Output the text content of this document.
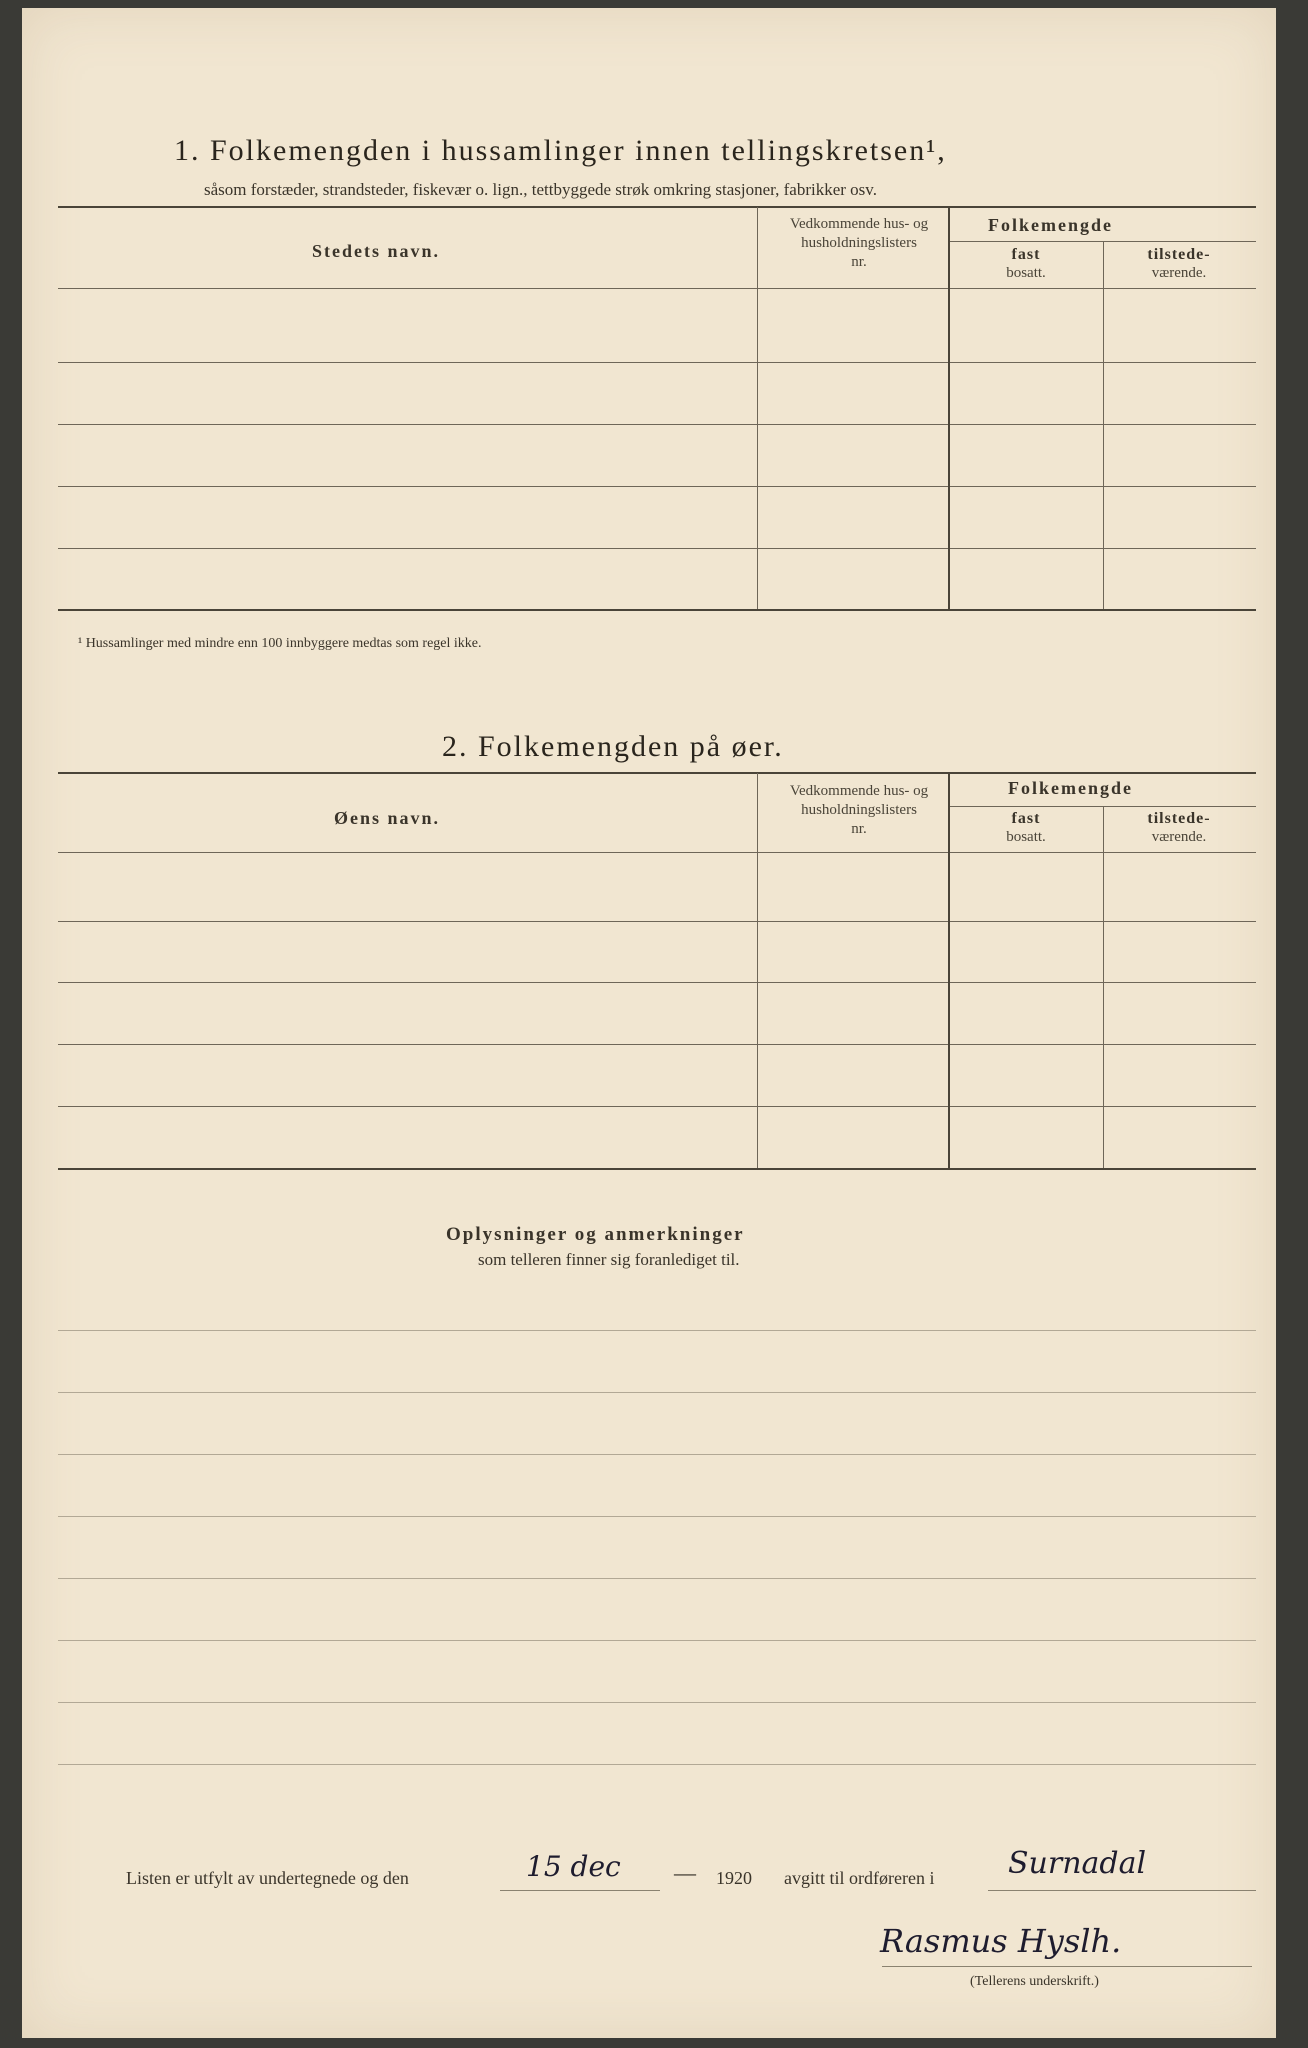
1. Folkemengden i hussamlinger innen tellingskretsen¹,
såsom forstæder, strandsteder, fiskevær o. lign., tettbyggede strøk omkring stasjoner, fabrikker osv.
Stedets navn.
Vedkommende hus- og
husholdningslisters
nr.
Folkemengde
fast
bosatt.
tilstede-
værende.
¹ Hussamlinger med mindre enn 100 innbyggere medtas som regel ikke.
2. Folkemengden på øer.
Øens navn.
Vedkommende hus- og
husholdningslisters
nr.
Folkemengde
fast
bosatt.
tilstede-
værende.
Oplysninger og anmerkninger
som telleren finner sig foranlediget til.
Listen er utfylt av undertegnede og den	15 dec — 1920 avgitt til ordføreren i Surnadal
Rasmus Hyslh.
(Tellerens underskrift.)
